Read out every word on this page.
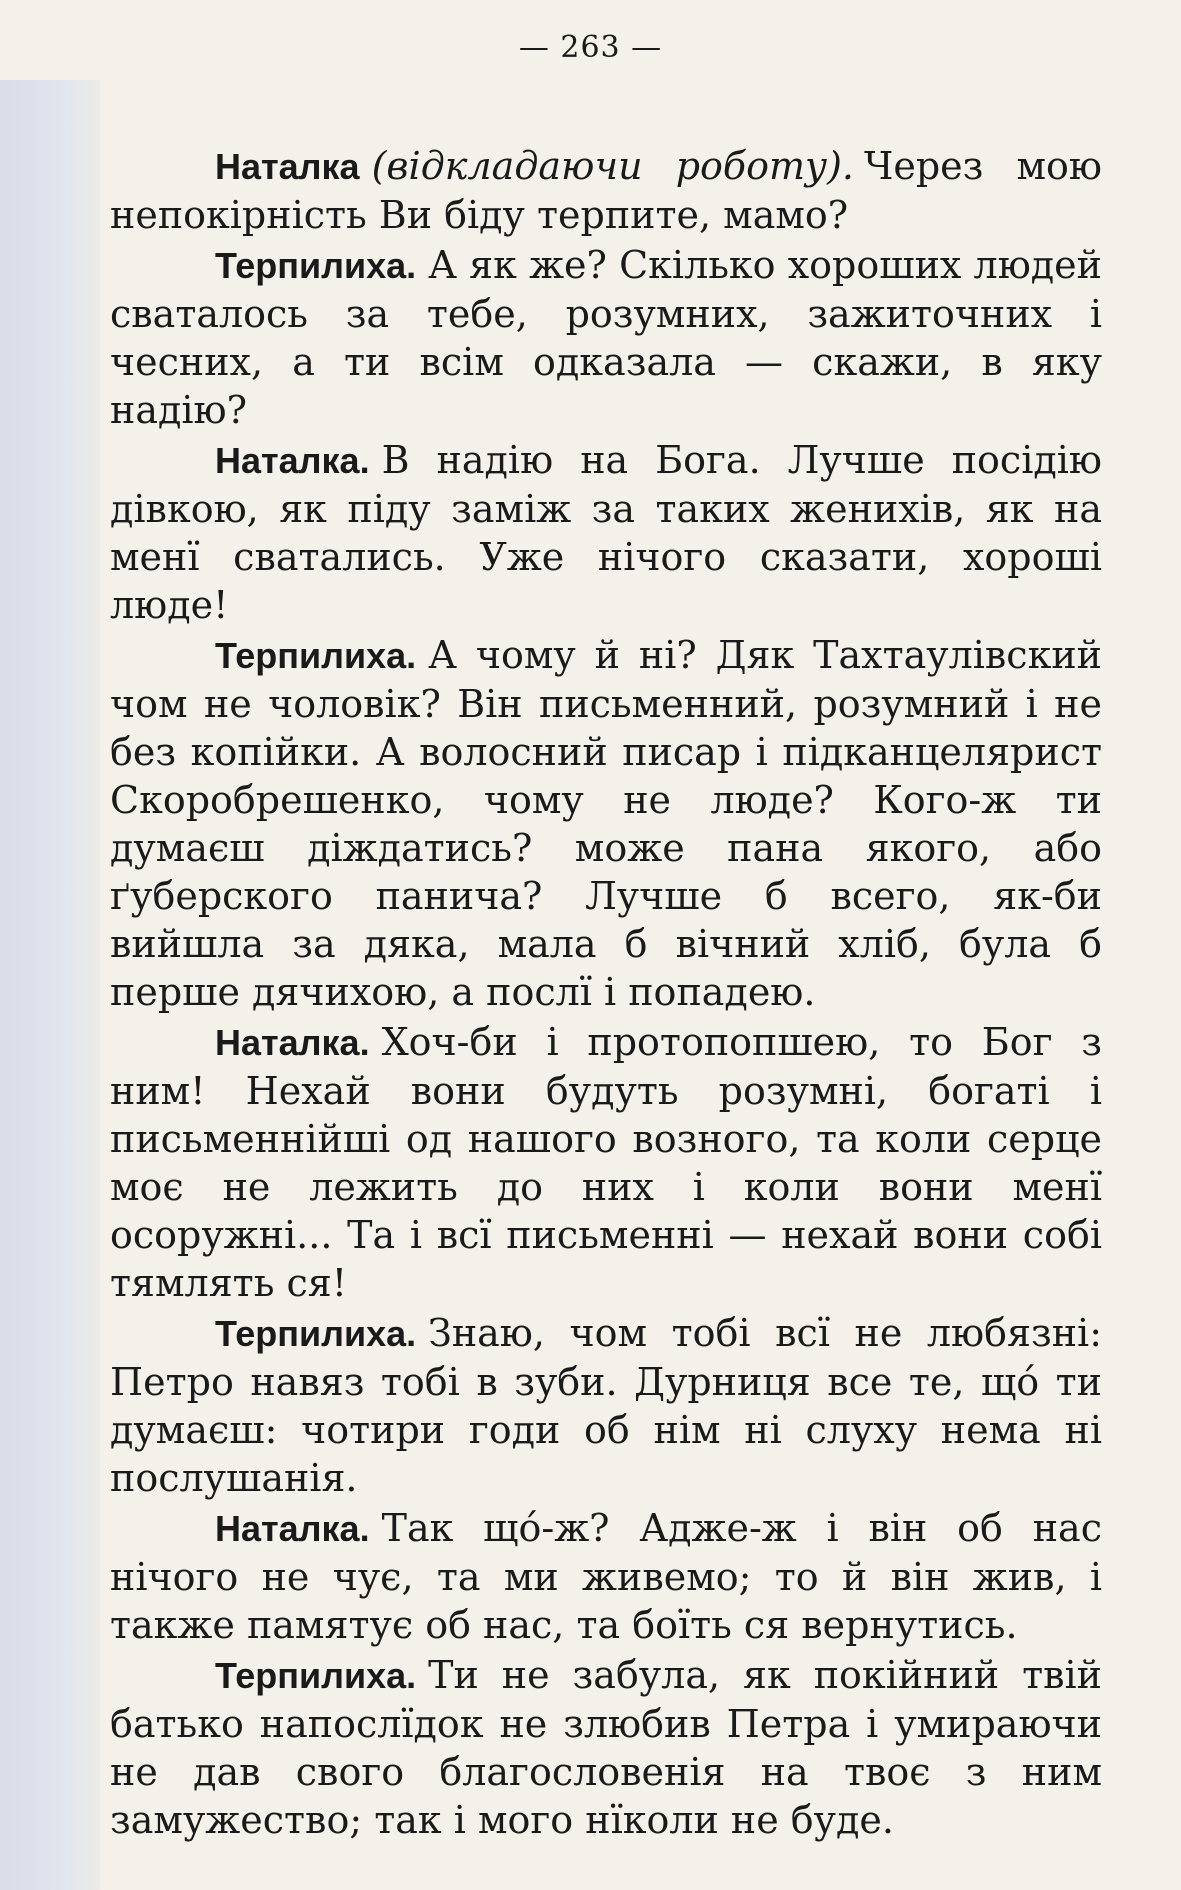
— 263 —

Наталка (відкладаючи роботу). Через мою непокірність Ви біду терпите, мамо?

Терпилиха. А як же? Скілько хороших людей сваталось за тебе, розумних, зажиточних і чесних, а ти всім одказала — скажи, в яку надію?

Наталка. В надію на Бога. Лучше посідію дівкою, як піду заміж за таких женихів, як на менї сватались. Уже нічого сказати, хороші люде!

Терпилиха. А чому й ні? Дяк Тахтаулівский чом не чоловік? Він письменний, розумний і не без копійки. А волосний писар і підканцелярист Скоробрешенко, чому не люде? Кого-ж ти думаєш діждатись? може пана якого, або ґуберского панича? Лучше б всего, як-би вийшла за дяка, мала б вічний хліб, була б перше дячихою, а послї і попадею.

Наталка. Хоч-би і протопопшею, то Бог з ним! Нехай вони будуть розумні, богаті і письменнійші од нашого возного, та коли серце моє не лежить до них і коли вони менї осоружні... Та і всї письменні — нехай вони собі тямлять ся!

Терпилиха. Знаю, чом тобі всї не любязні: Петро навяз тобі в зуби. Дурниця все те, щó ти думаєш: чотири годи об нім ні слуху нема ні послушанія.

Наталка. Так щó-ж? Адже-ж і він об нас нічого не чує, та ми живемо; то й він жив, і также памятує об нас, та боїть ся вернутись.

Терпилиха. Ти не забула, як покійний твій батько напослїдок не злюбив Петра і умираючи не дав свого благословенія на твоє з ним замужество; так і мого нїколи не буде.
